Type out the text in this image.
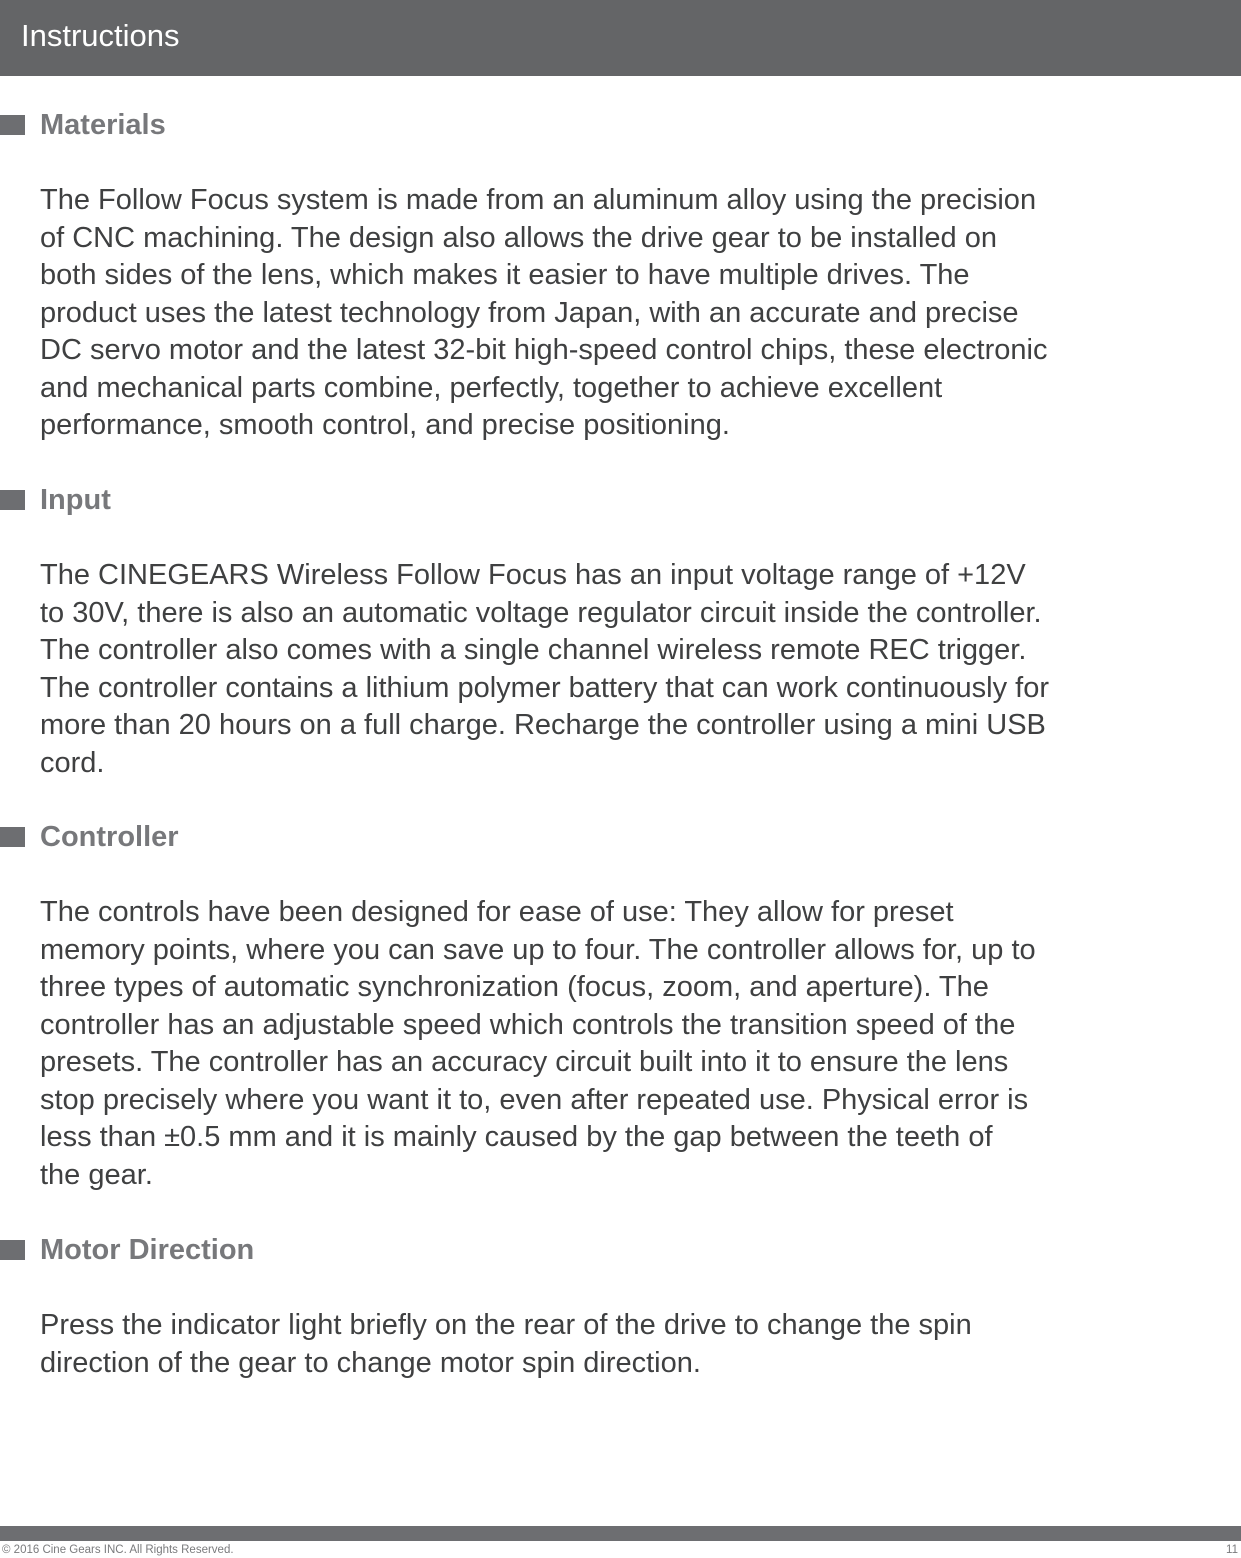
Instructions
Materials

The Follow Focus system is made from an aluminum alloy using the precision
of CNC machining. The design also allows the drive gear to be installed on
both sides of the lens, which makes it easier to have multiple drives. The
product uses the latest technology from Japan, with an accurate and precise
DC servo motor and the latest 32-bit high-speed control chips, these electronic
and mechanical parts combine, perfectly, together to achieve excellent
performance, smooth control, and precise positioning.

Input

The CINEGEARS Wireless Follow Focus has an input voltage range of +12V
to 30V, there is also an automatic voltage regulator circuit inside the controller.
The controller also comes with a single channel wireless remote REC trigger.
The controller contains a lithium polymer battery that can work continuously for
more than 20 hours on a full charge. Recharge the controller using a mini USB
cord.

Controller

The controls have been designed for ease of use: They allow for preset
memory points, where you can save up to four. The controller allows for, up to
three types of automatic synchronization (focus, zoom, and aperture). The
controller has an adjustable speed which controls the transition speed of the
presets. The controller has an accuracy circuit built into it to ensure the lens
stop precisely where you want it to, even after repeated use. Physical error is
less than ±0.5 mm and it is mainly caused by the gap between the teeth of
the gear.

Motor Direction

Press the indicator light briefly on the rear of the drive to change the spin
direction of the gear to change motor spin direction.

© 2016 Cine Gears INC. All Rights Reserved.	11
